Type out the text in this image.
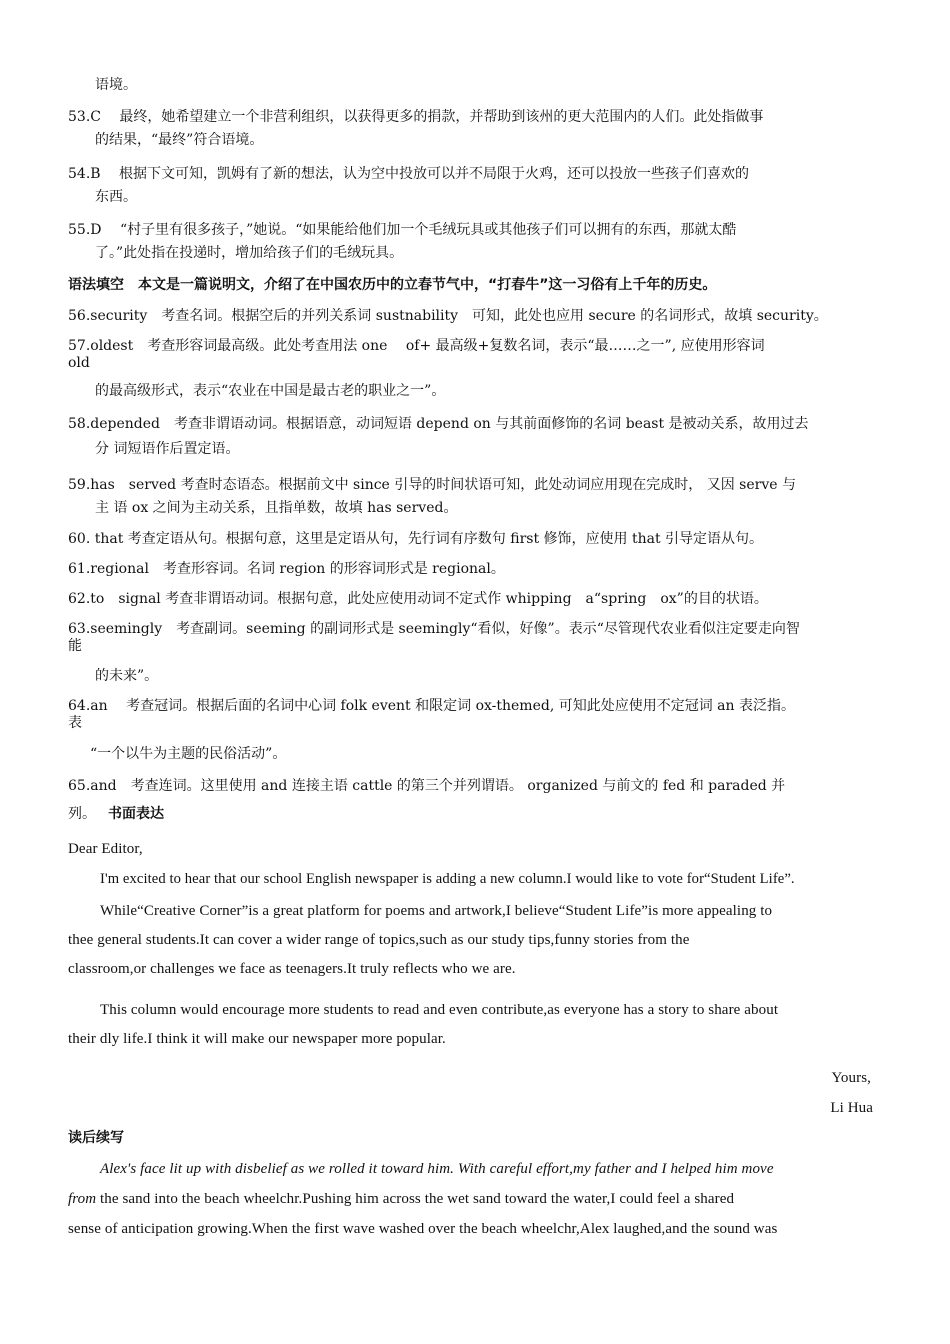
语境。
53.C　 最终，她希望建立一个非营利组织，以获得更多的捐款，并帮助到该州的更大范围内的人们。此处指做事
的结果，“最终”符合语境。
54.B　 根据下文可知，凯姆有了新的想法，认为空中投放可以并不局限于火鸡，还可以投放一些孩子们喜欢的
东西。
55.D　 “村子里有很多孩子，”她说。“如果能给他们加一个毛绒玩具或其他孩子们可以拥有的东西，那就太酷
了。”此处指在投递时，增加给孩子们的毛绒玩具。
语法填空　本文是一篇说明文，介绍了在中国农历中的立春节气中，“打春牛”这一习俗有上千年的历史。
56.security　考查名词。根据空后的并列关系词 sustnability　可知，此处也应用 secure 的名词形式，故填 security。
57.oldest　考查形容词最高级。此处考查用法 one　 of+ 最高级+复数名词，表示“最……之一”, 应使用形容词
old
的最高级形式，表示“农业在中国是最古老的职业之一”。
58.depended　考查非谓语动词。根据语意，动词短语 depend on 与其前面修饰的名词 beast 是被动关系，故用过去
分 词短语作后置定语。
59.has　served 考查时态语态。根据前文中 since 引导的时间状语可知，此处动词应用现在完成时， 又因 serve 与
主 语 ox 之间为主动关系，且指单数，故填 has served。
60. that 考查定语从句。根据句意，这里是定语从句，先行词有序数句 first 修饰，应使用 that 引导定语从句。
61.regional　考查形容词。名词 region 的形容词形式是 regional。
62.to　signal 考查非谓语动词。根据句意，此处应使用动词不定式作 whipping　a“spring　ox”的目的状语。
63.seemingly　考查副词。seeming 的副词形式是 seemingly“看似，好像”。表示“尽管现代农业看似注定要走向智
能
的未来”。
64.an　 考查冠词。根据后面的名词中心词 folk event 和限定词 ox-themed, 可知此处应使用不定冠词 an 表泛指。
表
“一个以牛为主题的民俗活动”。
65.and　考查连词。这里使用 and 连接主语 cattle 的第三个并列谓语。 organized 与前文的 fed 和 paraded 并
列。 书面表达
Dear Editor,
I'm excited to hear that our school English newspaper is adding a new column.I would like to vote for“Student Life”.
While“Creative Corner”is a great platform for poems and artwork,I believe“Student Life”is more appealing to
thee general students.It can cover a wider range of topics,such as our study tips,funny stories from the
classroom,or challenges we face as teenagers.It truly reflects who we are.
This column would encourage more students to read and even contribute,as everyone has a story to share about
their dly life.I think it will make our newspaper more popular.
Yours,
Li Hua
读后续写
Alex's face lit up with disbelief as we rolled it toward him. With careful effort,my father and I helped him move
from the sand into the beach wheelchr.Pushing him across the wet sand toward the water,I could feel a shared
sense of anticipation growing.When the first wave washed over the beach wheelchr,Alex laughed,and the sound was
